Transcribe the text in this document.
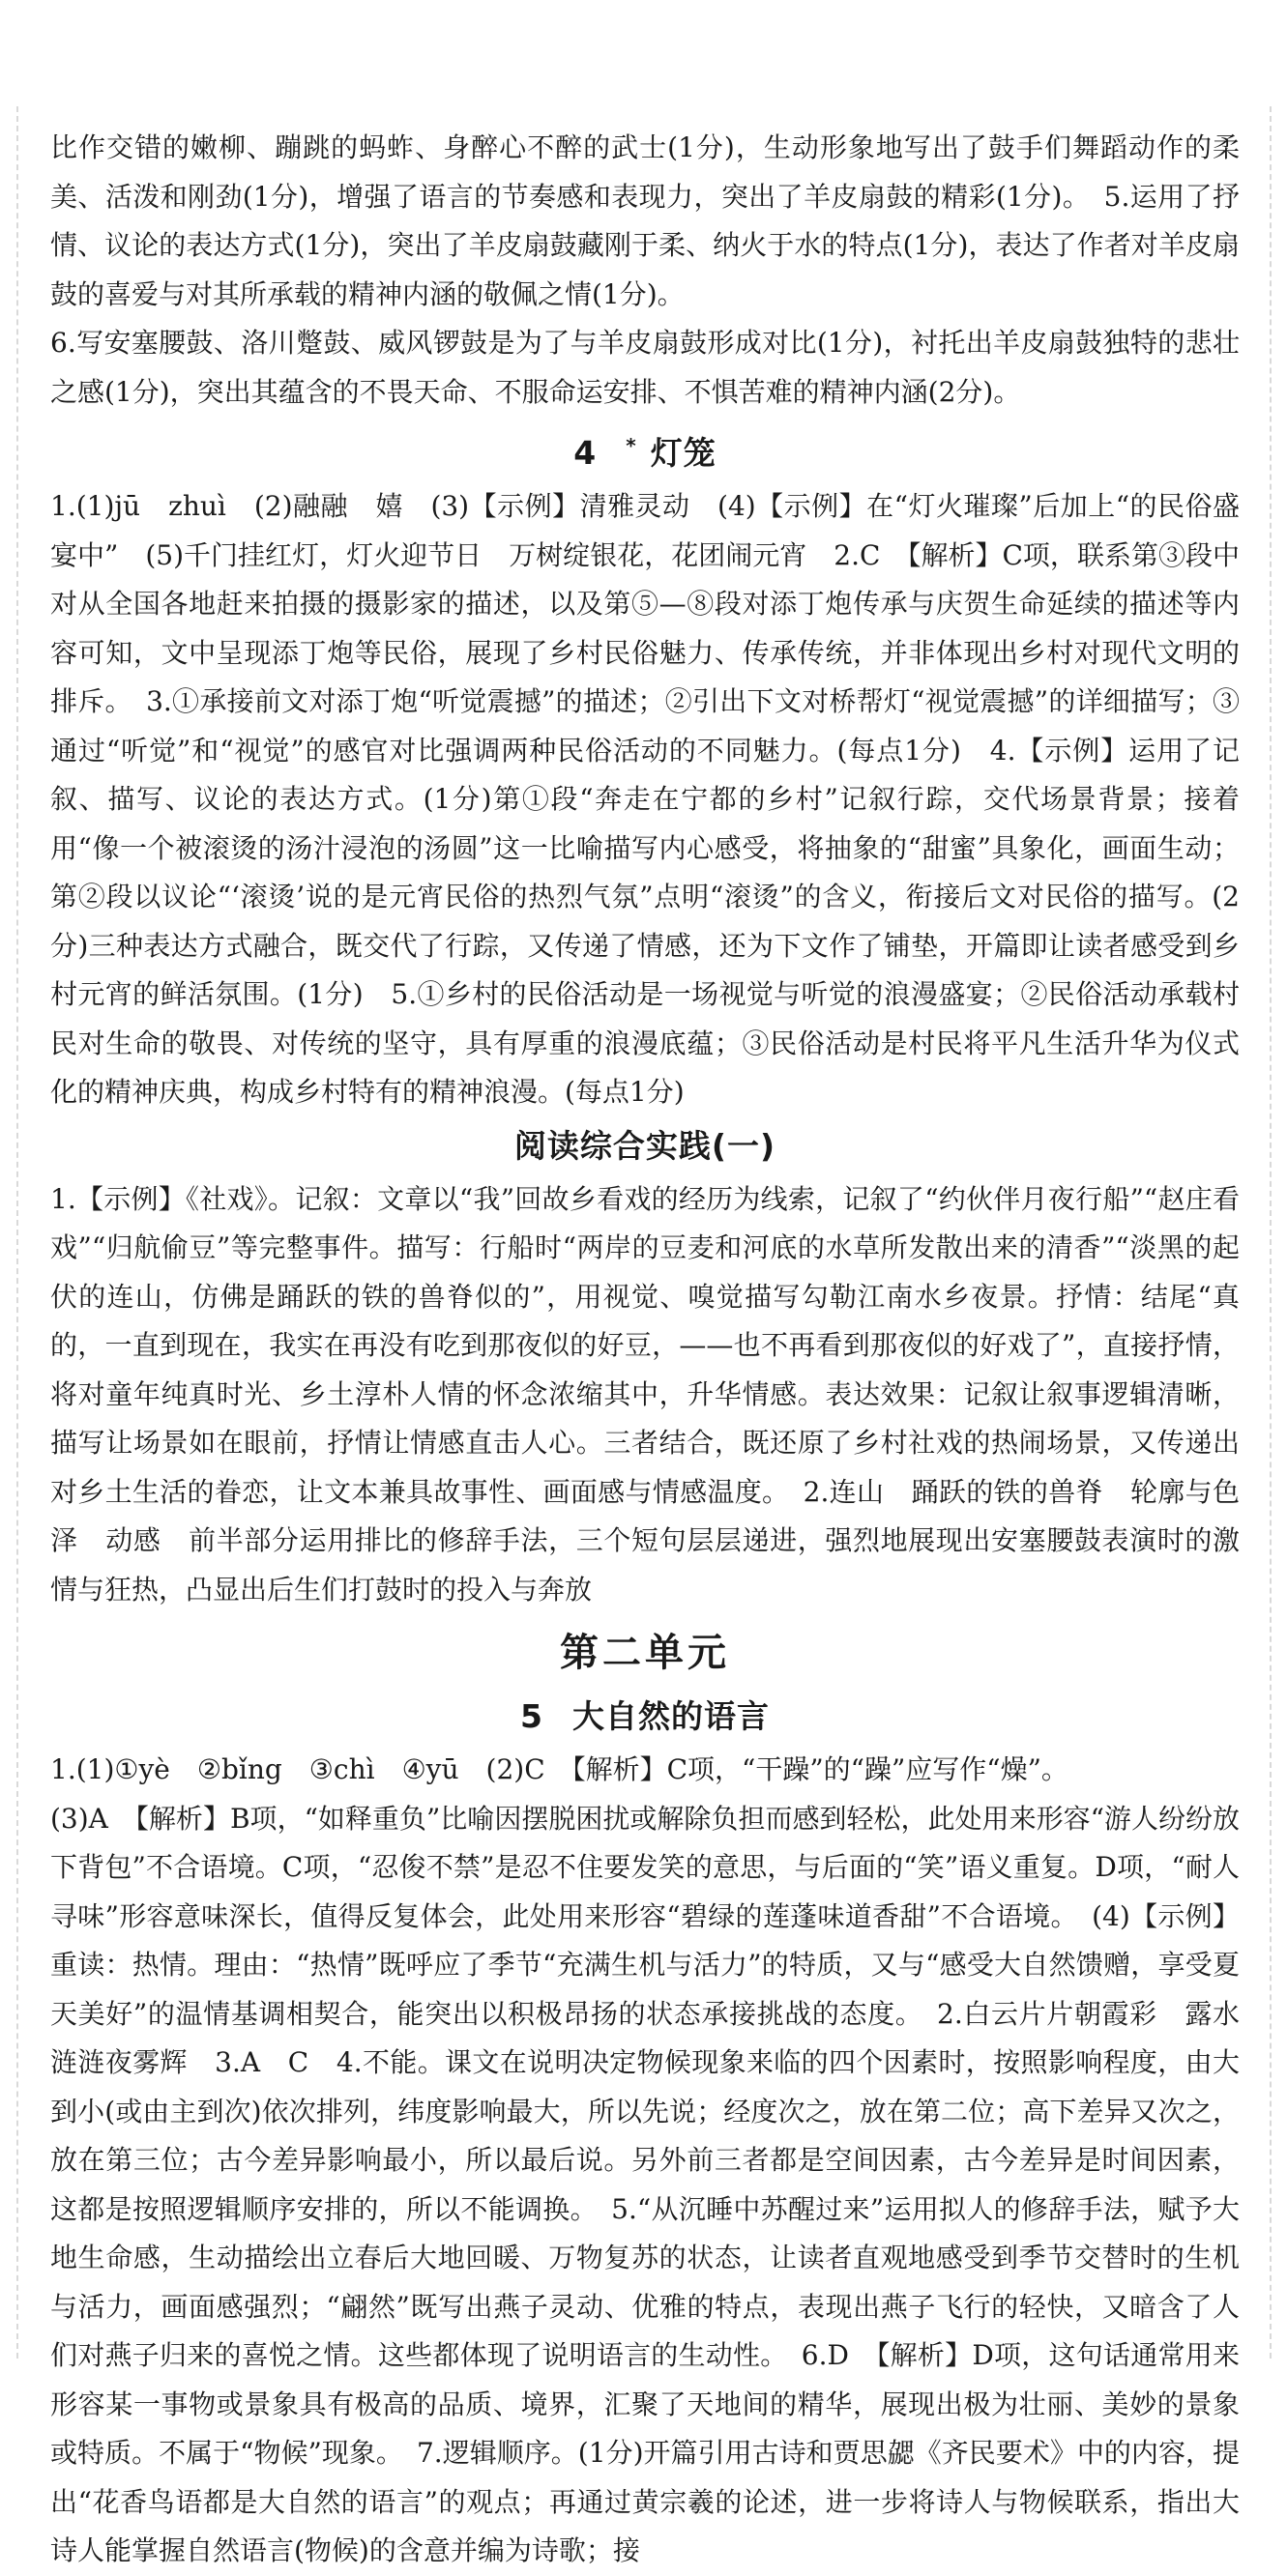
比作交错的嫩柳、蹦跳的蚂蚱、身醉心不醉的武士(1分)，生动形象地写出了鼓手们舞蹈动作的柔美、活泼和刚劲(1分)，增强了语言的节奏感和表现力，突出了羊皮扇鼓的精彩(1分)。　5.运用了抒情、议论的表达方式(1分)，突出了羊皮扇鼓藏刚于柔、纳火于水的特点(1分)，表达了作者对羊皮扇鼓的喜爱与对其所承载的精神内涵的敬佩之情(1分)。

6.写安塞腰鼓、洛川蹩鼓、威风锣鼓是为了与羊皮扇鼓形成对比(1分)，衬托出羊皮扇鼓独特的悲壮之感(1分)，突出其蕴含的不畏天命、不服命运安排、不惧苦难的精神内涵(2分)。

4 * 灯笼

1.(1)jū　zhuì　(2)融融　嬉　(3)【示例】清雅灵动　(4)【示例】在“灯火璀璨”后加上“的民俗盛宴中”　(5)千门挂红灯，灯火迎节日　万树绽银花，花团闹元宵　2.C　【解析】C项，联系第③段中对从全国各地赶来拍摄的摄影家的描述，以及第⑤—⑧段对添丁炮传承与庆贺生命延续的描述等内容可知，文中呈现添丁炮等民俗，展现了乡村民俗魅力、传承传统，并非体现出乡村对现代文明的排斥。　3.①承接前文对添丁炮“听觉震撼”的描述；②引出下文对桥帮灯“视觉震撼”的详细描写；③通过“听觉”和“视觉”的感官对比强调两种民俗活动的不同魅力。(每点1分)　4.【示例】运用了记叙、描写、议论的表达方式。(1分)第①段“奔走在宁都的乡村”记叙行踪，交代场景背景；接着用“像一个被滚烫的汤汁浸泡的汤圆”这一比喻描写内心感受，将抽象的“甜蜜”具象化，画面生动；第②段以议论“‘滚烫’说的是元宵民俗的热烈气氛”点明“滚烫”的含义，衔接后文对民俗的描写。(2分)三种表达方式融合，既交代了行踪，又传递了情感，还为下文作了铺垫，开篇即让读者感受到乡村元宵的鲜活氛围。(1分)　5.①乡村的民俗活动是一场视觉与听觉的浪漫盛宴；②民俗活动承载村民对生命的敬畏、对传统的坚守，具有厚重的浪漫底蕴；③民俗活动是村民将平凡生活升华为仪式化的精神庆典，构成乡村特有的精神浪漫。(每点1分)

阅读综合实践(一)

1.【示例】《社戏》。记叙：文章以“我”回故乡看戏的经历为线索，记叙了“约伙伴月夜行船”“赵庄看戏”“归航偷豆”等完整事件。描写：行船时“两岸的豆麦和河底的水草所发散出来的清香”“淡黑的起伏的连山，仿佛是踊跃的铁的兽脊似的”，用视觉、嗅觉描写勾勒江南水乡夜景。抒情：结尾“真的，一直到现在，我实在再没有吃到那夜似的好豆，——也不再看到那夜似的好戏了”，直接抒情，将对童年纯真时光、乡土淳朴人情的怀念浓缩其中，升华情感。表达效果：记叙让叙事逻辑清晰，描写让场景如在眼前，抒情让情感直击人心。三者结合，既还原了乡村社戏的热闹场景，又传递出对乡土生活的眷恋，让文本兼具故事性、画面感与情感温度。　2.连山　踊跃的铁的兽脊　轮廓与色泽　动感　前半部分运用排比的修辞手法，三个短句层层递进，强烈地展现出安塞腰鼓表演时的激情与狂热，凸显出后生们打鼓时的投入与奔放

第二单元
5 大自然的语言

1.(1)①yè　②bǐng　③chì　④yū　(2)C　【解析】C项，“干躁”的“躁”应写作“燥”。

(3)A　【解析】B项，“如释重负”比喻因摆脱困扰或解除负担而感到轻松，此处用来形容“游人纷纷放下背包”不合语境。C项，“忍俊不禁”是忍不住要发笑的意思，与后面的“笑”语义重复。D项，“耐人寻味”形容意味深长，值得反复体会，此处用来形容“碧绿的莲蓬味道香甜”不合语境。　(4)【示例】重读：热情。理由：“热情”既呼应了季节“充满生机与活力”的特质，又与“感受大自然馈赠，享受夏天美好”的温情基调相契合，能突出以积极昂扬的状态承接挑战的态度。　2.白云片片朝霞彩　露水涟涟夜雾辉　3.A　C　4.不能。课文在说明决定物候现象来临的四个因素时，按照影响程度，由大到小(或由主到次)依次排列，纬度影响最大，所以先说；经度次之，放在第二位；高下差异又次之，放在第三位；古今差异影响最小，所以最后说。另外前三者都是空间因素，古今差异是时间因素，这都是按照逻辑顺序安排的，所以不能调换。　5.“从沉睡中苏醒过来”运用拟人的修辞手法，赋予大地生命感，生动描绘出立春后大地回暖、万物复苏的状态，让读者直观地感受到季节交替时的生机与活力，画面感强烈；“翩然”既写出燕子灵动、优雅的特点，表现出燕子飞行的轻快，又暗含了人们对燕子归来的喜悦之情。这些都体现了说明语言的生动性。　6.D　【解析】D项，这句话通常用来形容某一事物或景象具有极高的品质、境界，汇聚了天地间的精华，展现出极为壮丽、美妙的景象或特质。不属于“物候”现象。　7.逻辑顺序。(1分)开篇引用古诗和贾思勰《齐民要术》中的内容，提出“花香鸟语都是大自然的语言”的观点；再通过黄宗羲的论述，进一步将诗人与物候联系，指出大诗人能掌握自然语言(物候)的含意并编为诗歌；接
